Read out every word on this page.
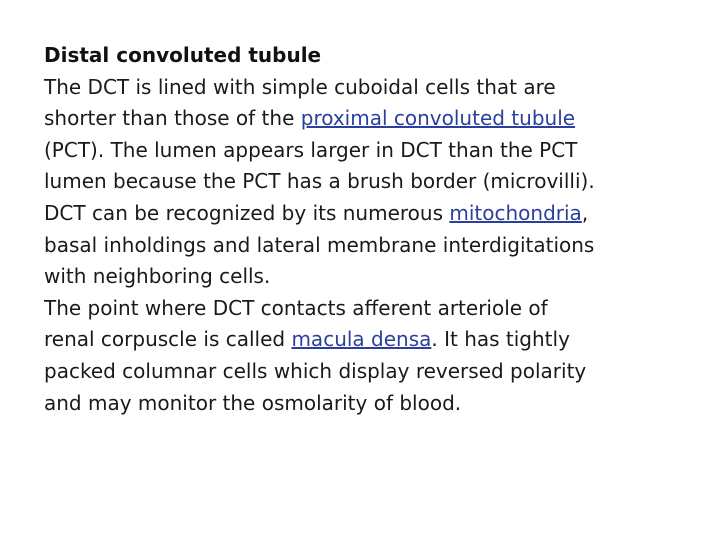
Distal convoluted tubule
The DCT is lined with simple cuboidal cells that are
shorter than those of the proximal convoluted tubule
(PCT). The lumen appears larger in DCT than the PCT
lumen because the PCT has a brush border (microvilli).
DCT can be recognized by its numerous mitochondria,
basal inholdings and lateral membrane interdigitations
with neighboring cells.
The point where DCT contacts afferent arteriole of
renal corpuscle is called macula densa. It has tightly
packed columnar cells which display reversed polarity
and may monitor the osmolarity of blood.
